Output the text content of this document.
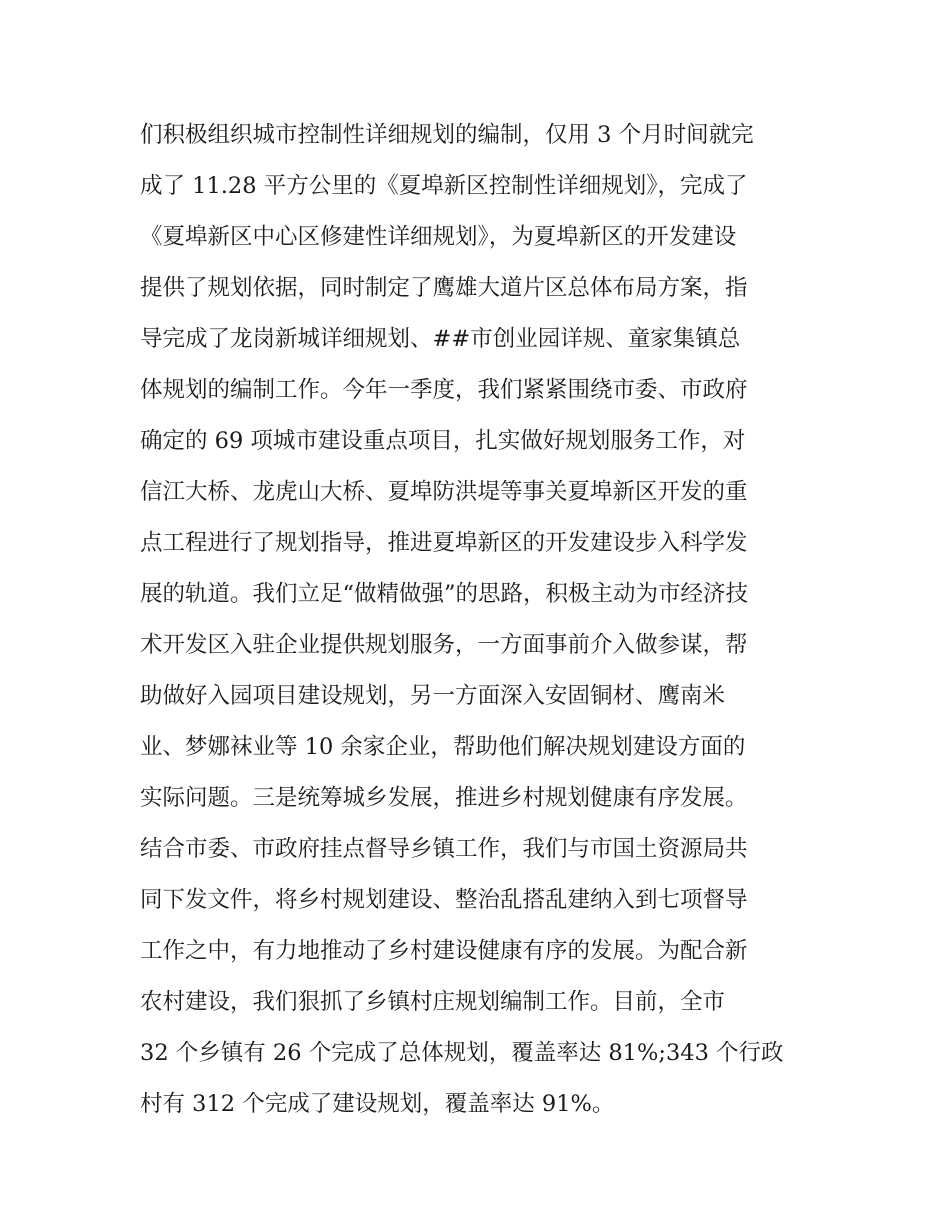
们积极组织城市控制性详细规划的编制，仅用 3 个月时间就完
成了 11.28 平方公里的《夏埠新区控制性详细规划》，完成了
《夏埠新区中心区修建性详细规划》，为夏埠新区的开发建设
提供了规划依据，同时制定了鹰雄大道片区总体布局方案，指
导完成了龙岗新城详细规划、##市创业园详规、童家集镇总
体规划的编制工作。今年一季度，我们紧紧围绕市委、市政府
确定的 69 项城市建设重点项目，扎实做好规划服务工作，对
信江大桥、龙虎山大桥、夏埠防洪堤等事关夏埠新区开发的重
点工程进行了规划指导，推进夏埠新区的开发建设步入科学发
展的轨道。我们立足“做精做强”的思路，积极主动为市经济技
术开发区入驻企业提供规划服务，一方面事前介入做参谋，帮
助做好入园项目建设规划，另一方面深入安固铜材、鹰南米
业、梦娜袜业等 10 余家企业，帮助他们解决规划建设方面的
实际问题。三是统筹城乡发展，推进乡村规划健康有序发展。
结合市委、市政府挂点督导乡镇工作，我们与市国土资源局共
同下发文件，将乡村规划建设、整治乱搭乱建纳入到七项督导
工作之中，有力地推动了乡村建设健康有序的发展。为配合新
农村建设，我们狠抓了乡镇村庄规划编制工作。目前，全市
32 个乡镇有 26 个完成了总体规划，覆盖率达 81%;343 个行政
村有 312 个完成了建设规划，覆盖率达 91%。
